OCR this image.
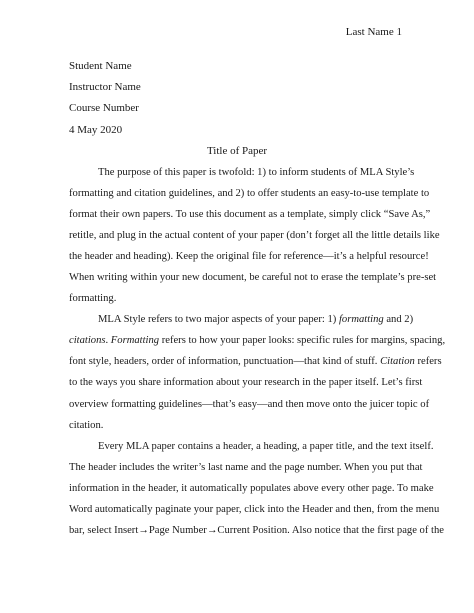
Last Name 1
Student Name
Instructor Name
Course Number
4 May 2020
Title of Paper
The purpose of this paper is twofold: 1) to inform students of MLA Style’s
formatting and citation guidelines, and 2) to offer students an easy-to-use template to
format their own papers. To use this document as a template, simply click “Save As,”
retitle, and plug in the actual content of your paper (don’t forget all the little details like
the header and heading). Keep the original file for reference—it’s a helpful resource!
When writing within your new document, be careful not to erase the template’s pre-set
formatting.
MLA Style refers to two major aspects of your paper: 1) formatting and 2)
citations. Formatting refers to how your paper looks: specific rules for margins, spacing,
font style, headers, order of information, punctuation—that kind of stuff. Citation refers
to the ways you share information about your research in the paper itself. Let’s first
overview formatting guidelines—that’s easy—and then move onto the juicer topic of
citation.
Every MLA paper contains a header, a heading, a paper title, and the text itself.
The header includes the writer’s last name and the page number. When you put that
information in the header, it automatically populates above every other page. To make
Word automatically paginate your paper, click into the Header and then, from the menu
bar, select Insert→Page Number→Current Position. Also notice that the first page of the
